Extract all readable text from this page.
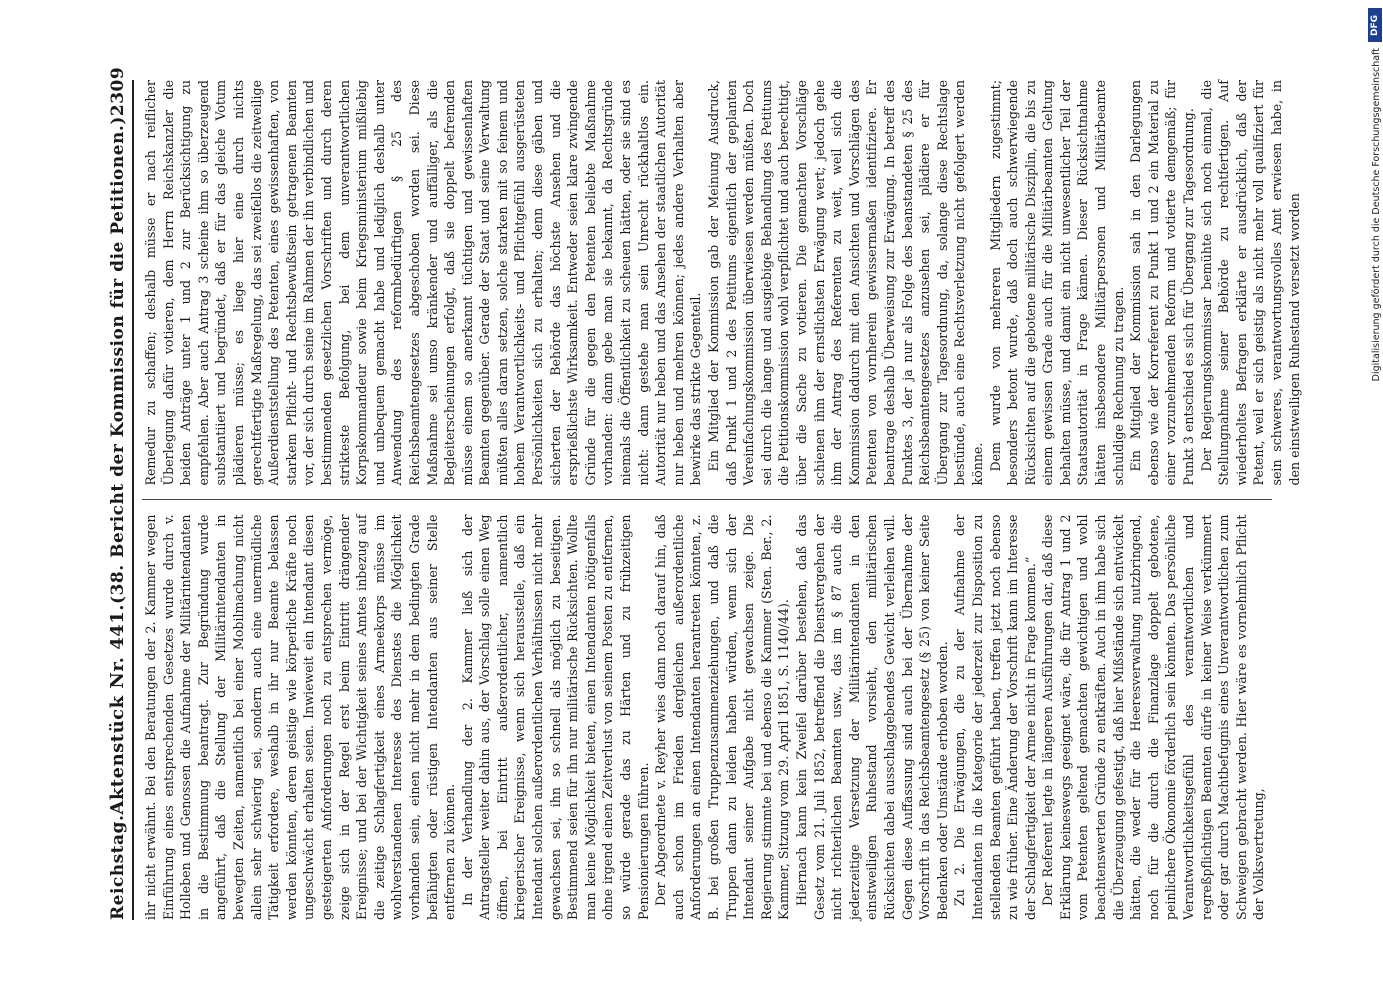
Reichstag.
Aktenstück Nr. 441.
(38. Bericht der Kommission für die Petitionen.)
2309

ihr nicht erwähnt. Bei den Beratungen der 2. Kammer wegen Einführung eines entsprechenden Gesetzes wurde durch v. Holleben und Genossen die Aufnahme der Militärintendanten in die Bestimmung beantragt. Zur Begründung wurde angeführt, daß die Stellung der Militärintendanten in bewegten Zeiten, namentlich bei einer Mobilmachung nicht allein sehr schwierig sei, sondern auch eine unermüdliche Tätigkeit erfordere, weshalb in ihr nur Beamte belassen werden könnten, deren geistige wie körperliche Kräfte noch ungeschwächt erhalten seien. Inwieweit ein Intendant diesen gesteigerten Anforderungen noch zu entsprechen vermöge, zeige sich in der Regel erst beim Eintritt drängender Ereignisse; und bei der Wichtigkeit seines Amtes inbezug auf die zeitige Schlagfertigkeit eines Armeekorps müsse im wohlverstandenen Interesse des Dienstes die Möglichkeit vorhanden sein, einen nicht mehr in dem bedingten Grade befähigten oder rüstigen Intendanten aus seiner Stelle entfernen zu können. In der Verhandlung der 2. Kammer ließ sich der Antragsteller weiter dahin aus, der Vorschlag solle einen Weg öffnen, bei Eintritt außerordentlicher, namentlich kriegerischer Ereignisse, wenn sich herausstelle, daß ein Intendant solchen außerordentlichen Verhältnissen nicht mehr gewachsen sei, ihn so schnell als möglich zu beseitigen. Bestimmend seien für ihn nur militärische Rücksichten. Wollte man keine Möglichkeit bieten, einen Intendanten nötigenfalls ohne irgend einen Zeitverlust von seinem Posten zu entfernen, so würde gerade das zu Härten und zu frühzeitigen Pensionierungen führen. Der Abgeordnete v. Reyher wies dann noch darauf hin, daß auch schon im Frieden dergleichen außerordentliche Anforderungen an einen Intendanten herantreten könnten, z. B. bei großen Truppenzusammenziehungen, und daß die Truppen dann zu leiden haben würden, wenn sich der Intendant seiner Aufgabe nicht gewachsen zeige. Die Regierung stimmte bei und ebenso die Kammer (Sten. Ber., 2. Kammer, Sitzung vom 29. April 1851, S. 1140/44). Hiernach kann kein Zweifel darüber bestehen, daß das Gesetz vom 21. Juli 1852, betreffend die Dienstvergehen der nicht richterlichen Beamten usw., das im § 87 auch die jederzeitige Versetzung der Militärintendanten in den einstweiligen Ruhestand vorsieht, den militärischen Rücksichten dabei ausschlaggebendes Gewicht verleihen will. Gegen diese Auffassung sind auch bei der Übernahme der Vorschrift in das Reichsbeamtengesetz (§ 25) von keiner Seite Bedenken oder Umstände erhoben worden. Zu 2. Die Erwägungen, die zu der Aufnahme der Intendanten in die Kategorie der jederzeit zur Disposition zu stellenden Beamten geführt haben, treffen jetzt noch ebenso zu wie früher. Eine Änderung der Vorschrift kann im Interesse der Schlagfertigkeit der Armee nicht in Frage kommen.“ Der Referent legte in längeren Ausführungen dar, daß diese Erklärung keineswegs geeignet wäre, die für Antrag 1 und 2 vom Petenten geltend gemachten gewichtigen und wohl beachtenswerten Gründe zu entkräften. Auch in ihm habe sich die Überzeugung gefestigt, daß hier Mißstände sich entwickelt hätten, die weder für die Heeresverwaltung nutzbringend, noch für die durch die Finanzlage doppelt gebotene, peinlichere Ökonomie förderlich sein könnten. Das persönliche Verantwortlichkeitsgefühl des verantwortlichen und regreßpflichtigen Beamten dürfe in keiner Weise verkümmert oder gar durch Machtbefugnis eines Unverantwortlichen zum Schweigen gebracht werden. Hier wäre es vornehmlich Pflicht der Volksvertretung,

Remedur zu schaffen; deshalb müsse er nach reiflicher Überlegung dafür votieren, dem Herrn Reichskanzler die beiden Anträge unter 1 und 2 zur Berücksichtigung zu empfehlen. Aber auch Antrag 3 scheine ihm so überzeugend substantiiert und begründet, daß er für das gleiche Votum plädieren müsse; es liege hier eine durch nichts gerechtfertigte Maßregelung, das sei zweifellos die zeitweilige Außerdienststellung des Petenten, eines gewissenhaften, von starkem Pflicht- und Rechtsbewußtsein getragenen Beamten vor, der sich durch seine im Rahmen der ihn verbindlichen und bestimmenden gesetzlichen Vorschriften und durch deren strikteste Befolgung, bei dem unverantwortlichen Korpskommandeur sowie beim Kriegsministerium mißliebig und unbequem gemacht habe und lediglich deshalb unter Anwendung des reformbedürftigen § 25 des Reichsbeamtengesetzes abgeschoben worden sei. Diese Maßnahme sei umso kränkender und auffälliger, als die Begleiterscheinungen erfolgt, daß sie doppelt befremden müsse einem so anerkannt tüchtigen und gewissenhaften Beamten gegenüber. Gerade der Staat und seine Verwaltung müßten alles daran setzen, solche starken mit so feinem und hohem Verantwortlichkeits- und Pflichtgefühl ausgerüsteten Persönlichkeiten sich zu erhalten; denn diese gäben und sicherten der Behörde das höchste Ansehen und die ersprießlichste Wirksamkeit. Entweder seien klare zwingende Gründe für die gegen den Petenten beliebte Maßnahme vorhanden: dann gebe man sie bekannt, da Rechtsgründe niemals die Öffentlichkeit zu scheuen hätten, oder sie sind es nicht: dann gestehe man sein Unrecht rückhaltlos ein. Autorität nur heben und das Ansehen der staatlichen Autorität nur heben und mehren können; jedes andere Verhalten aber bewirke das strikte Gegenteil. Ein Mitglied der Kommission gab der Meinung Ausdruck, daß Punkt 1 und 2 des Petitums eigentlich der geplanten Vereinfachungskommission überwiesen werden müßten. Doch sei durch die lange und ausgiebige Behandlung des Petitums die Petitionskommission wohl verpflichtet und auch berechtigt, über die Sache zu votieren. Die gemachten Vorschläge schienen ihm der ernstlichsten Erwägung wert; jedoch gehe ihm der Antrag des Referenten zu weit, weil sich die Kommission dadurch mit den Ansichten und Vorschlägen des Petenten von vornherein gewissermaßen identifiziere. Er beantrage deshalb Überweisung zur Erwägung. In betreff des Punktes 3, der ja nur als Folge des beanstandeten § 25 des Reichsbeamtengesetzes anzusehen sei, plädiere er für Übergang zur Tagesordnung, da, solange diese Rechtslage bestünde, auch eine Rechtsverletzung nicht gefolgert werden könne. Dem wurde von mehreren Mitgliedern zugestimmt; besonders betont wurde, daß doch auch schwerwiegende Rücksichten auf die gebotene militärische Disziplin, die bis zu einem gewissen Grade auch für die Militärbeamten Geltung behalten müsse, und damit ein nicht unwesentlicher Teil der Staatsautorität in Frage kämen. Dieser Rücksichtnahme hätten insbesondere Militärpersonen und Militärbeamte schuldige Rechnung zu tragen. Ein Mitglied der Kommission sah in den Darlegungen ebenso wie der Korreferent zu Punkt 1 und 2 ein Material zu einer vorzunehmenden Reform und votierte demgemäß; für Punkt 3 entschied es sich für Übergang zur Tagesordnung. Der Regierungskommissar bemühte sich noch einmal, die Stellungnahme seiner Behörde zu rechtfertigen. Auf wiederholtes Befragen erklärte er ausdrücklich, daß der Petent, weil er sich geistig als nicht mehr voll qualifiziert für sein schweres, verantwortungsvolles Amt erwiesen habe, in den einstweiligen Ruhestand versetzt worden

DFG
Digitalisierung gefördert durch die Deutsche Forschungsgemeinschaft
